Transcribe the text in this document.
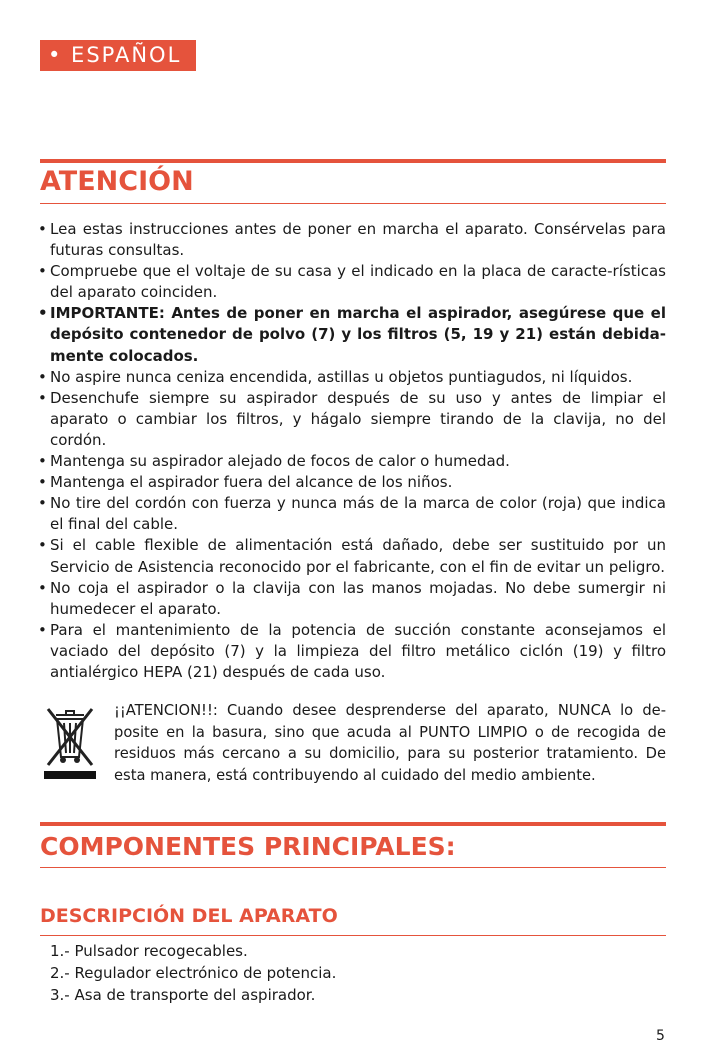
• ESPAÑOL
ATENCIÓN
• Lea estas instrucciones antes de poner en marcha el aparato. Consérvelas para futuras consultas.
• Compruebe que el voltaje de su casa y el indicado en la placa de caracte-rísticas del aparato coinciden.
• IMPORTANTE: Antes de poner en marcha el aspirador, asegúrese que el depósito contenedor de polvo (7) y los filtros (5, 19 y 21) están debida-mente colocados.
• No aspire nunca ceniza encendida, astillas u objetos puntiagudos, ni líquidos.
• Desenchufe siempre su aspirador después de su uso y antes de limpiar el aparato o cambiar los filtros, y hágalo siempre tirando de la clavija, no del cordón.
• Mantenga su aspirador alejado de focos de calor o humedad.
• Mantenga el aspirador fuera del alcance de los niños.
• No tire del cordón con fuerza y nunca más de la marca de color (roja) que indica el final del cable.
• Si el cable flexible de alimentación está dañado, debe ser sustituido por un Servicio de Asistencia reconocido por el fabricante, con el fin de evitar un peligro.
• No coja el aspirador o la clavija con las manos mojadas. No debe sumergir ni humedecer el aparato.
• Para el mantenimiento de la potencia de succión constante aconsejamos el vaciado del depósito (7) y la limpieza del filtro metálico ciclón (19) y filtro antialérgico HEPA (21) después de cada uso.

¡¡ATENCION!!: Cuando desee desprenderse del aparato, NUNCA lo de-posite en la basura, sino que acuda al PUNTO LIMPIO o de recogida de residuos más cercano a su domicilio, para su posterior tratamiento. De esta manera, está contribuyendo al cuidado del medio ambiente.

COMPONENTES PRINCIPALES:
DESCRIPCIÓN DEL APARATO
1.- Pulsador recogecables.
2.- Regulador electrónico de potencia.
3.- Asa de transporte del aspirador.
5
